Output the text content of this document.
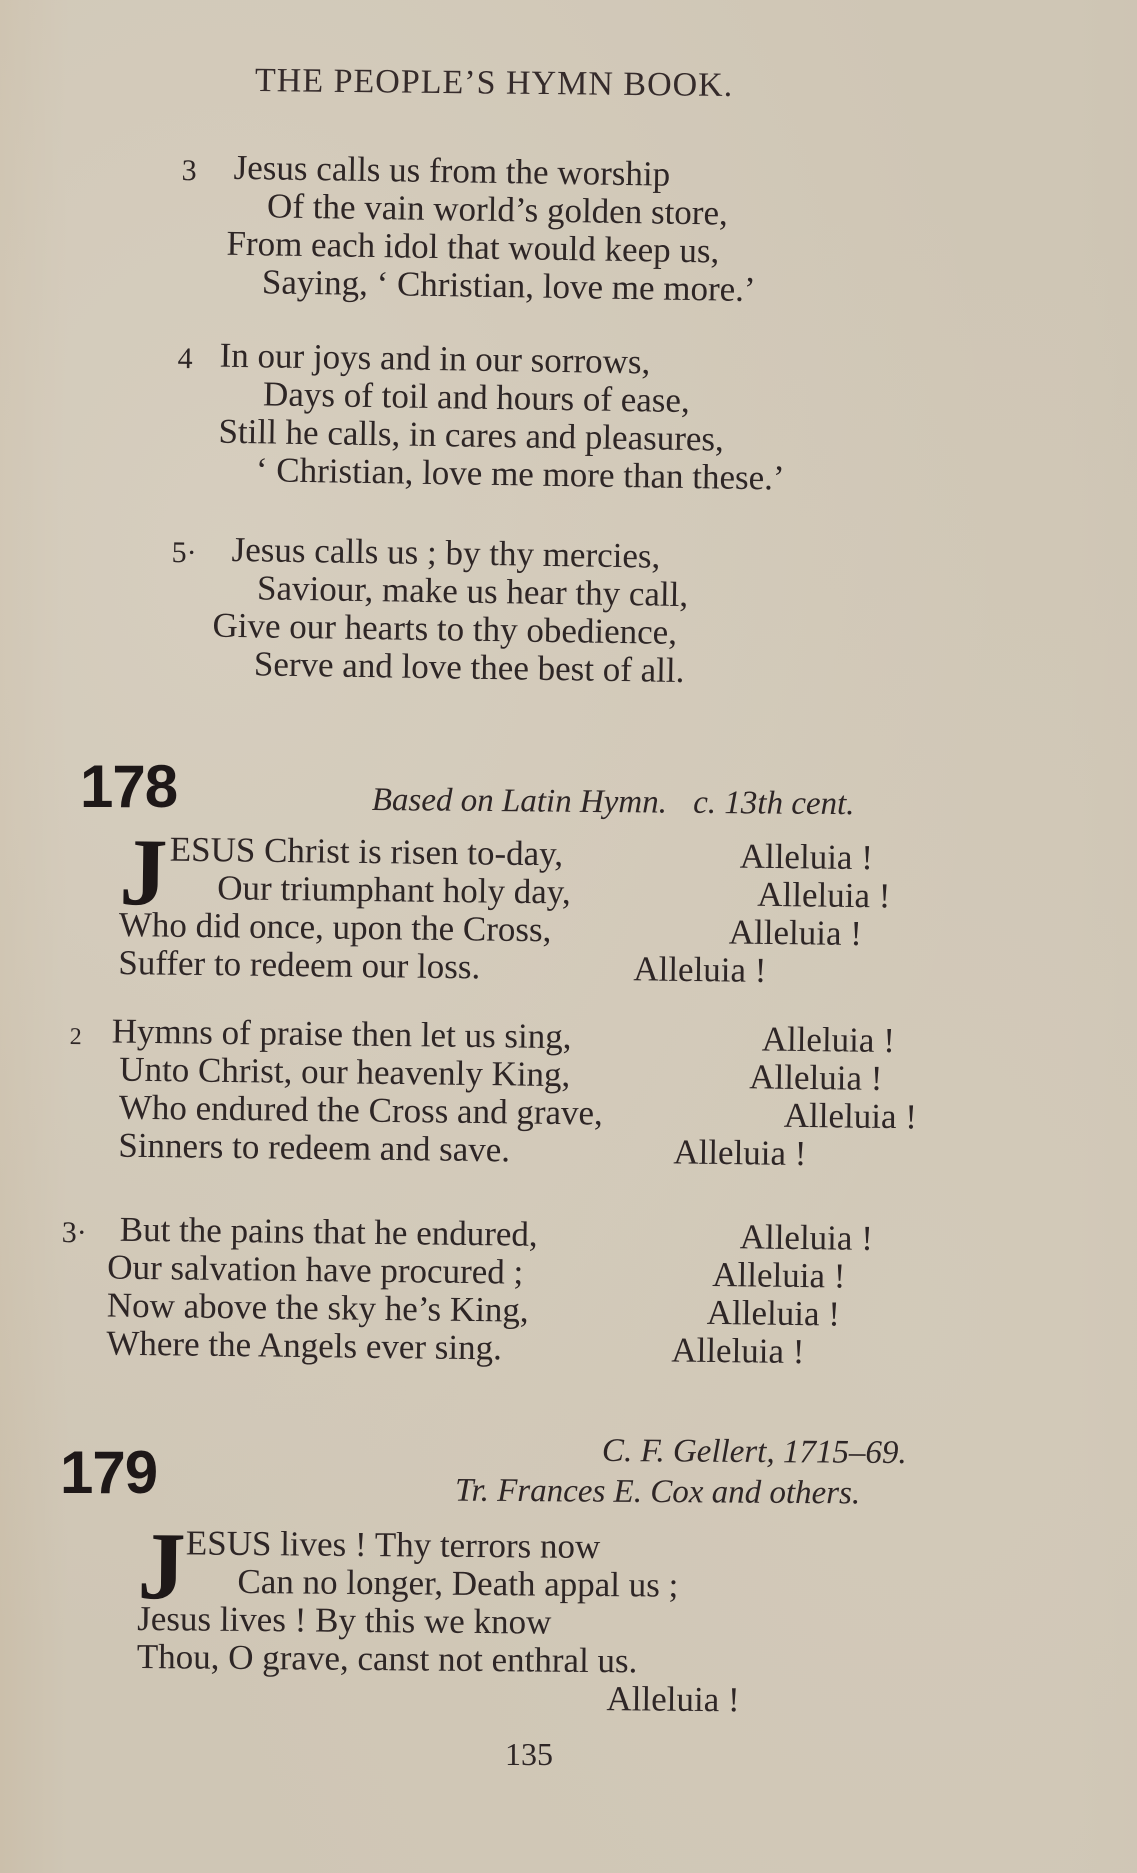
THE PEOPLE’S HYMN BOOK.
3 Jesus calls us from the worship
Of the vain world’s golden store,
From each idol that would keep us,
Saying, ‘ Christian, love me more.’
4 In our joys and in our sorrows,
Days of toil and hours of ease,
Still he calls, in cares and pleasures,
‘ Christian, love me more than these.’
5· Jesus calls us ; by thy mercies,
Saviour, make us hear thy call,
Give our hearts to thy obedience,
Serve and love thee best of all.
178	Based on Latin Hymn. c. 13th cent.
J ESUS Christ is risen to-day,	Alleluia !
Our triumphant holy day,	Alleluia !
Who did once, upon the Cross,	Alleluia !
Suffer to redeem our loss.	Alleluia !
2 Hymns of praise then let us sing,	Alleluia !
Unto Christ, our heavenly King,	Alleluia !
Who endured the Cross and grave,	Alleluia !
Sinners to redeem and save.	Alleluia !
3· But the pains that he endured,	Alleluia !
Our salvation have procured ;	Alleluia !
Now above the sky he’s King,	Alleluia !
Where the Angels ever sing.	Alleluia !
179	C. F. Gellert, 1715–69.
Tr. Frances E. Cox and others.
J ESUS lives ! Thy terrors now
Can no longer, Death appal us ;
Jesus lives ! By this we know
Thou, O grave, canst not enthral us.
Alleluia !
135
